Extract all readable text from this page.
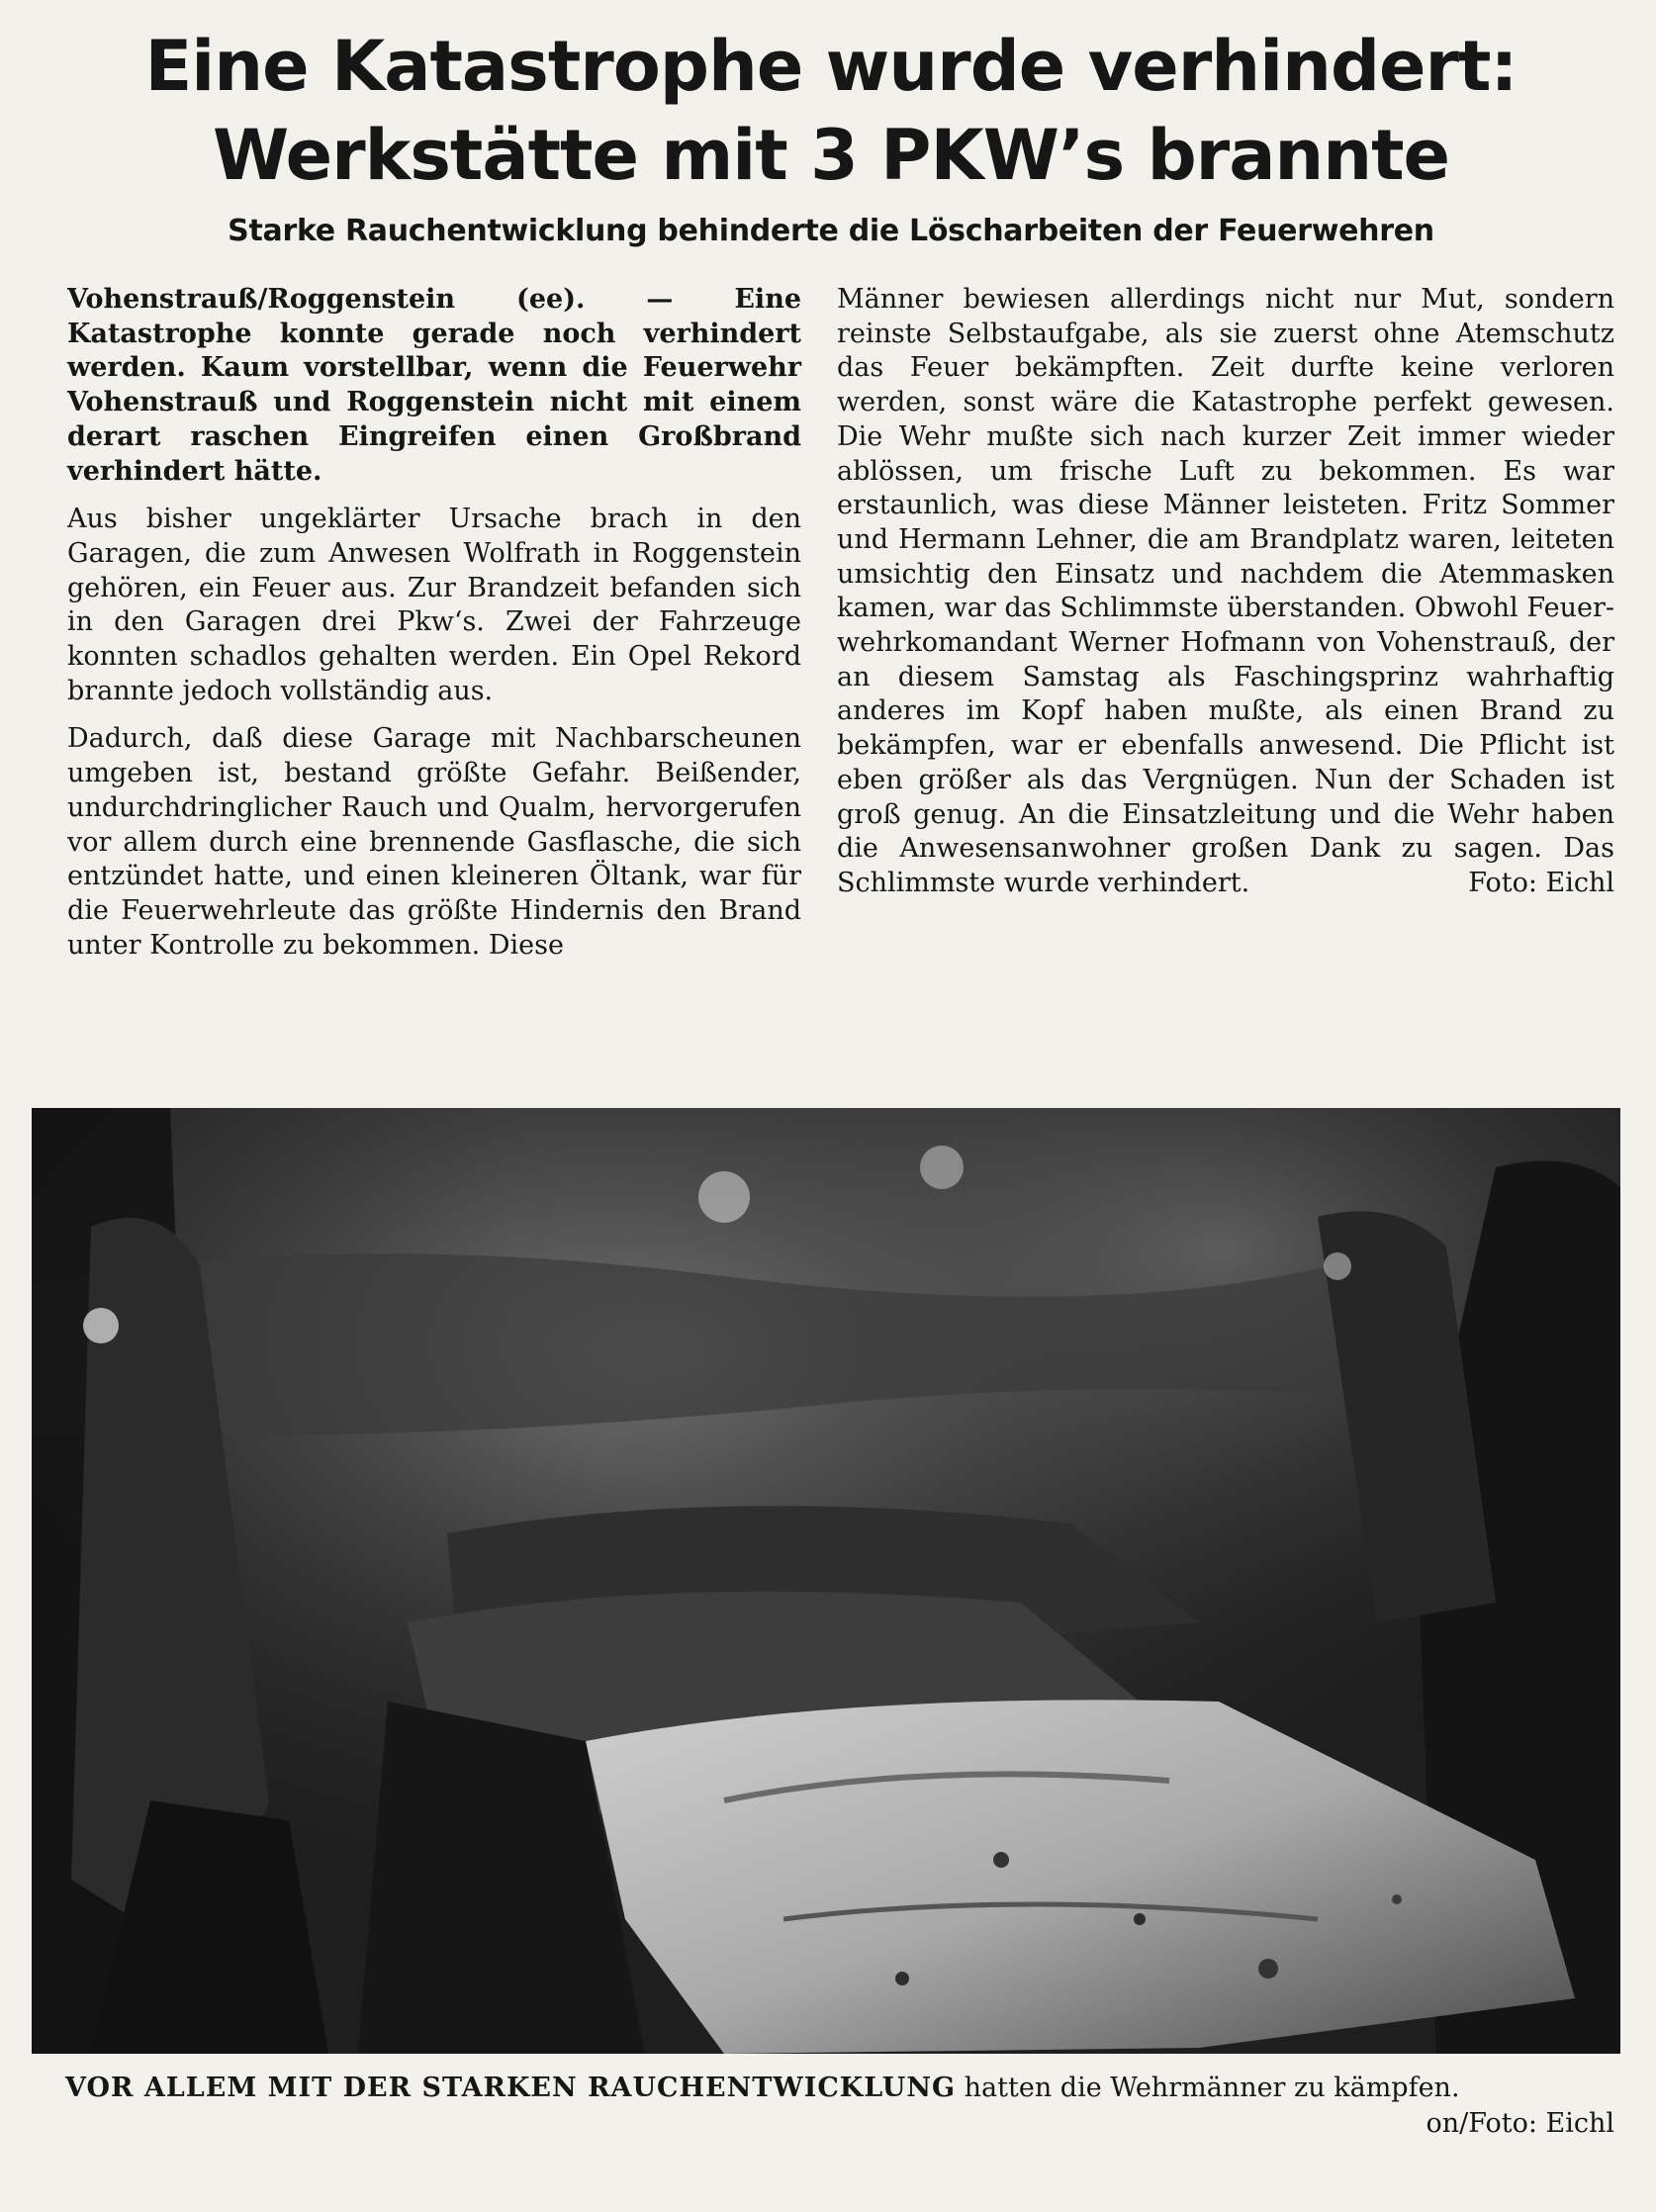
Eine Katastrophe wurde verhindert:
Werkstätte mit 3 PKW’s brannte
Starke Rauchentwicklung behinderte die Löscharbeiten der Feuerwehren

Vohenstrauß/Roggenstein (ee). — Eine Katastrophe konnte gerade noch verhindert werden. Kaum vorstellbar, wenn die Feuerwehr Vohenstrauß und Roggenstein nicht mit einem derart raschen Eingreifen einen Großbrand verhindert hätte.

Aus bisher ungeklärter Ursache brach in den Garagen, die zum Anwesen Wolfrath in Roggenstein gehören, ein Feuer aus. Zur Brandzeit befanden sich in den Garagen drei Pkw‘s. Zwei der Fahrzeuge konnten schadlos gehalten werden. Ein Opel Rekord brannte jedoch vollständig aus.

Dadurch, daß diese Garage mit Nachbarscheunen umgeben ist, bestand größte Gefahr. Beißender, undurchdringlicher Rauch und Qualm, hervorgerufen vor allem durch eine brennende Gasflasche, die sich entzündet hatte, und einen kleineren Öltank, war für die Feuerwehrleute das größte Hindernis den Brand unter Kontrolle zu bekommen. Diese

Männer bewiesen allerdings nicht nur Mut, sondern reinste Selbstaufgabe, als sie zuerst ohne Atemschutz das Feuer bekämpften. Zeit durfte keine verloren werden, sonst wäre die Katastrophe perfekt gewesen. Die Wehr mußte sich nach kurzer Zeit immer wieder ablössen, um frische Luft zu bekommen. Es war erstaunlich, was diese Männer leisteten. Fritz Sommer und Hermann Lehner, die am Brandplatz waren, leiteten umsichtig den Einsatz und nachdem die Atemmasken kamen, war das Schlimmste überstanden. Obwohl Feuerwehrkomandant Werner Hofmann von Vohenstrauß, der an diesem Samstag als Faschingsprinz wahrhaftig anderes im Kopf haben mußte, als einen Brand zu bekämpfen, war er ebenfalls anwesend. Die Pflicht ist eben größer als das Vergnügen. Nun der Schaden ist groß genug. An die Einsatzleitung und die Wehr haben die Anwesensanwohner großen Dank zu sagen. Das Schlimmste wurde verhindert.	Foto: Eichl

VOR ALLEM MIT DER STARKEN RAUCHENTWICKLUNG hatten die Wehrmänner zu kämpfen.
on/Foto: Eichl
